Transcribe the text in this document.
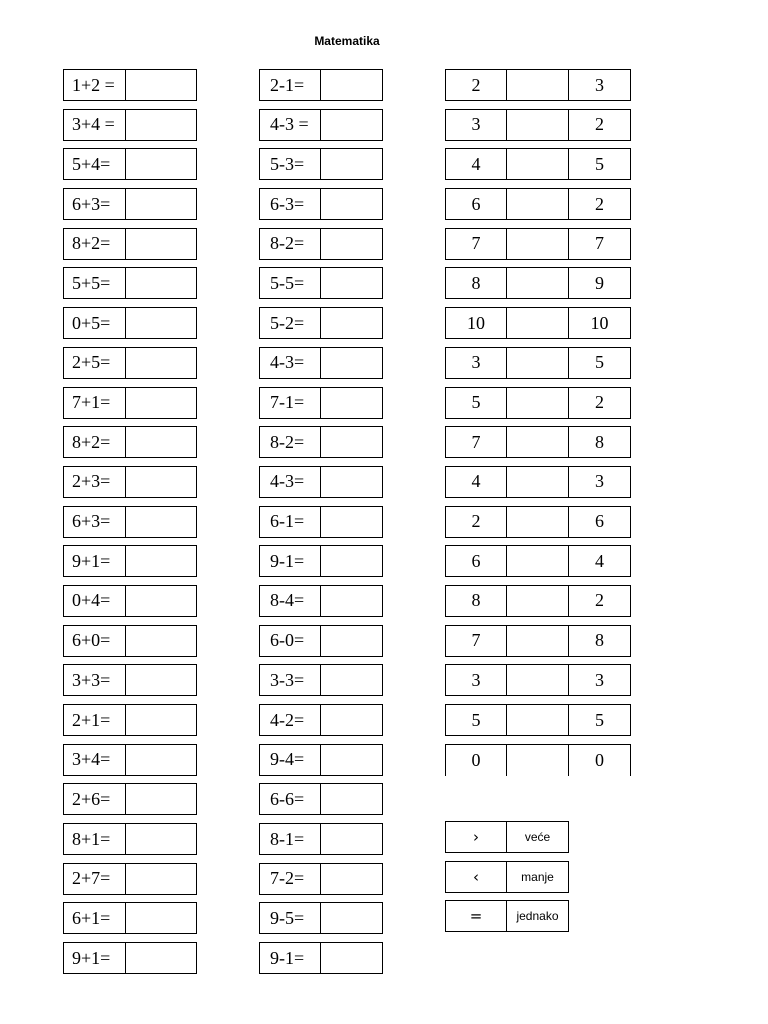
Matematika
1+2 =
3+4 =
5+4=
6+3=
8+2=
5+5=
0+5=
2+5=
7+1=
8+2=
2+3=
6+3=
9+1=
0+4=
6+0=
3+3=
2+1=
3+4=
2+6=
8+1=
2+7=
6+1=
9+1=
2-1=
4-3 =
5-3=
6-3=
8-2=
5-5=
5-2=
4-3=
7-1=
8-2=
4-3=
6-1=
9-1=
8-4=
6-0=
3-3=
4-2=
9-4=
6-6=
8-1=
7-2=
9-5=
9-1=
2	3
3	2
4	5
6	2
7	7
8	9
10	10
3	5
5	2
7	8
4	3
2	6
6	4
8	2
7	8
3	3
5	5
0	0
›	veće
‹	manje
=	jednako
